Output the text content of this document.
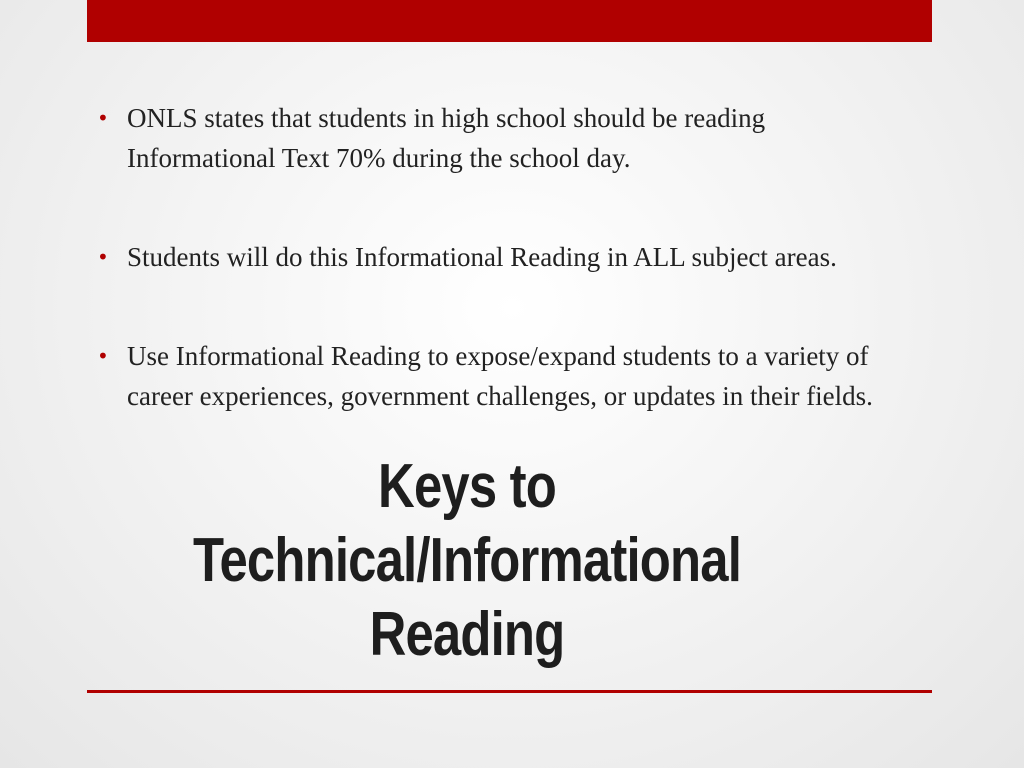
• ONLS states that students in high school should be reading Informational Text 70% during the school day.
• Students will do this Informational Reading in ALL subject areas.
• Use Informational Reading to expose/expand students to a variety of career experiences, government challenges, or updates in their fields.
Keys to
Technical/Informational
Reading
